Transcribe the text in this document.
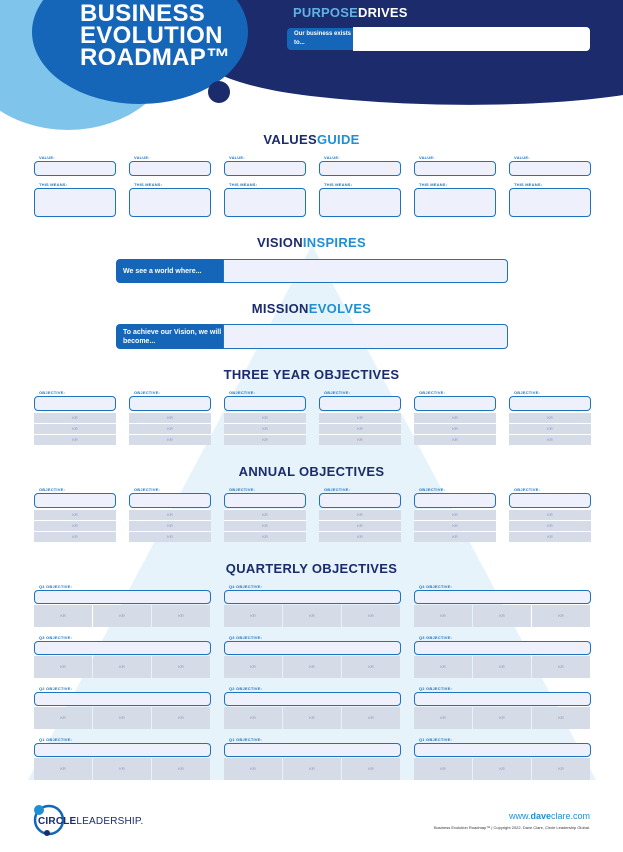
BUSINESS
EVOLUTION
ROADMAP™
PURPOSEDRIVES
Our business exists to...
VALUESGUIDE
VISIONINSPIRES
We see a world where...
MISSIONEVOLVES
To achieve our Vision, we will become...
THREE YEAR OBJECTIVES
ANNUAL OBJECTIVES
QUARTERLY OBJECTIVES
CIRCLELEADERSHIP.	www.daveclare.com
Business Evolution Roadmap™ | Copyright 2022. Dave Clare, Circle Leadership Global.
VALUE:
THIS MEANS:
VALUE:
THIS MEANS:
VALUE:
THIS MEANS:
VALUE:
THIS MEANS:
VALUE:
THIS MEANS:
VALUE:
THIS MEANS:
OBJECTIVE:
KR
KR
KR
OBJECTIVE:
KR
KR
KR
OBJECTIVE:
KR
KR
KR
OBJECTIVE:
KR
KR
KR
OBJECTIVE:
KR
KR
KR
OBJECTIVE:
KR
KR
KR
OBJECTIVE:
KR
KR
KR
OBJECTIVE:
KR
KR
KR
OBJECTIVE:
KR
KR
KR
OBJECTIVE:
KR
KR
KR
OBJECTIVE:
KR
KR
KR
OBJECTIVE:
KR
KR
KR
Q4 OBJECTIVE:
KR	KR	KR
Q4 OBJECTIVE:
KR	KR	KR
Q4 OBJECTIVE:
KR	KR	KR
Q3 OBJECTIVE:
KR	KR	KR
Q3 OBJECTIVE:
KR	KR	KR
Q3 OBJECTIVE:
KR	KR	KR
Q2 OBJECTIVE:
KR	KR	KR
Q2 OBJECTIVE:
KR	KR	KR
Q2 OBJECTIVE:
KR	KR	KR
Q1 OBJECTIVE:
KR	KR	KR
Q1 OBJECTIVE:
KR	KR	KR
Q1 OBJECTIVE:
KR	KR	KR
